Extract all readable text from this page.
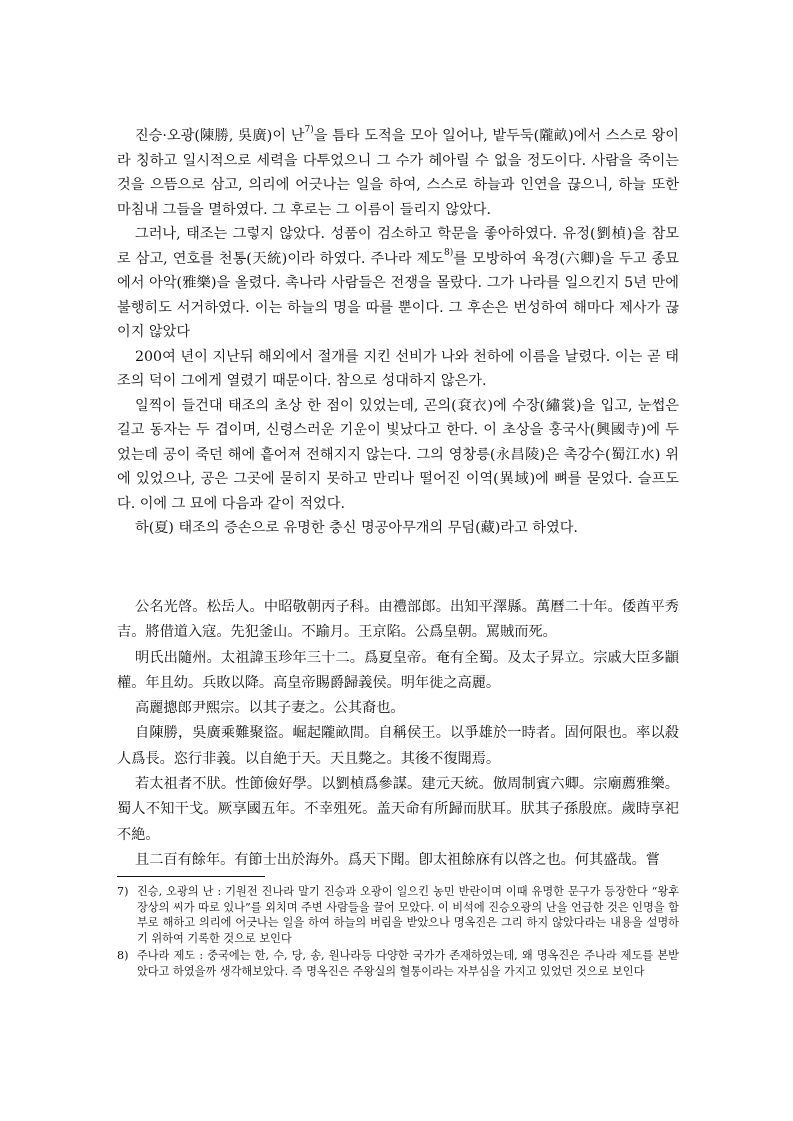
진승·오광(陳勝, 吳廣)이 난$^{7)}$을 틈타 도적을 모아 일어나, 밭두둑(隴畝)에서 스스로 왕이라 칭하고 일시적으로 세력을 다투었으니 그 수가 헤아릴 수 없을 정도이다. 사람을 죽이는 것을 으뜸으로 삼고, 의리에 어긋나는 일을 하여, 스스로 하늘과 인연을 끊으니, 하늘 또한 마침내 그들을 멸하였다. 그 후로는 그 이름이 들리지 않았다.

그러나, 태조는 그렇지 않았다. 성품이 검소하고 학문을 좋아하였다. 유정(劉楨)을 참모로 삼고, 연호를 천통(天統)이라 하였다. 주나라 제도$^{8)}$를 모방하여 육경(六卿)을 두고 종묘에서 아악(雅樂)을 올렸다. 촉나라 사람들은 전쟁을 몰랐다. 그가 나라를 일으킨지 5년 만에 불행히도 서거하였다. 이는 하늘의 명을 따를 뿐이다. 그 후손은 번성하여 해마다 제사가 끊이지 않았다

200여 년이 지난뒤 해외에서 절개를 지킨 선비가 나와 천하에 이름을 날렸다. 이는 곧 태조의 덕이 그에게 열렸기 때문이다. 참으로 성대하지 않은가.

일찍이 들건대 태조의 초상 한 점이 있었는데, 곤의(袞衣)에 수장(繡裳)을 입고, 눈썹은 길고 동자는 두 겹이며, 신령스러운 기운이 빛났다고 한다. 이 초상을 홍국사(興國寺)에 두었는데 공이 죽던 해에 흩어져 전해지지 않는다. 그의 영창릉(永昌陵)은 촉강수(蜀江水) 위에 있었으나, 공은 그곳에 묻히지 못하고 만리나 떨어진 이역(異域)에 뼈를 묻었다. 슬프도다. 이에 그 묘에 다음과 같이 적었다.

하(夏) 태조의 증손으로 유명한 충신 명공아무개의 무덤(藏)라고 하였다.

公名光啓。松岳人。中昭敬朝丙子科。由禮部郎。出知平澤縣。萬曆二十年。倭酋平秀吉。將借道入寇。先犯釜山。不踰月。王京陷。公爲皇朝。罵賊而死。

明氏出隨州。太祖諱玉珍年三十二。爲夏皇帝。奄有全蜀。及太子昇立。宗戚大臣多顓權。年且幼。兵敗以降。高皇帝賜爵歸義侯。明年徙之高麗。

高麗摠郎尹熙宗。以其子妻之。公其裔也。

自陳勝，吳廣乘難聚盜。崛起隴畝間。自稱侯王。以爭雄於一時者。固何限也。率以殺人爲長。恣行非義。以自絶于天。天且斃之。其後不復聞焉。

若太祖者不肰。性節儉好學。以劉楨爲參謀。建元天統。倣周制賓六卿。宗廟薦雅樂。蜀人不知干戈。厥享國五年。不幸殂死。盖天命有所歸而肰耳。肰其子孫殷庶。歲時享祀不絶。

且二百有餘年。有節士出於海外。爲天下聞。卽太祖餘庥有以啓之也。何其盛哉。嘗

7) 진승, 오광의 난 : 기원전 진나라 말기 진승과 오광이 일으킨 농민 반란이며 이때 유명한 문구가 등장한다 “왕후장상의 씨가 따로 있나”를 외치며 주변 사람들을 끌어 모았다. 이 비석에 진승오광의 난을 언급한 것은 인명을 함부로 해하고 의리에 어긋나는 일을 하여 하늘의 버림을 받았으나 명옥진은 그리 하지 않았다라는 내용을 설명하기 위하여 기록한 것으로 보인다
8) 주나라 제도 : 중국에는 한, 수, 당, 송, 원나라등 다양한 국가가 존재하였는데, 왜 명옥진은 주나라 제도를 본받았다고 하였을까 생각해보았다. 즉 명옥진은 주왕실의 혈통이라는 자부심을 가지고 있었던 것으로 보인다
